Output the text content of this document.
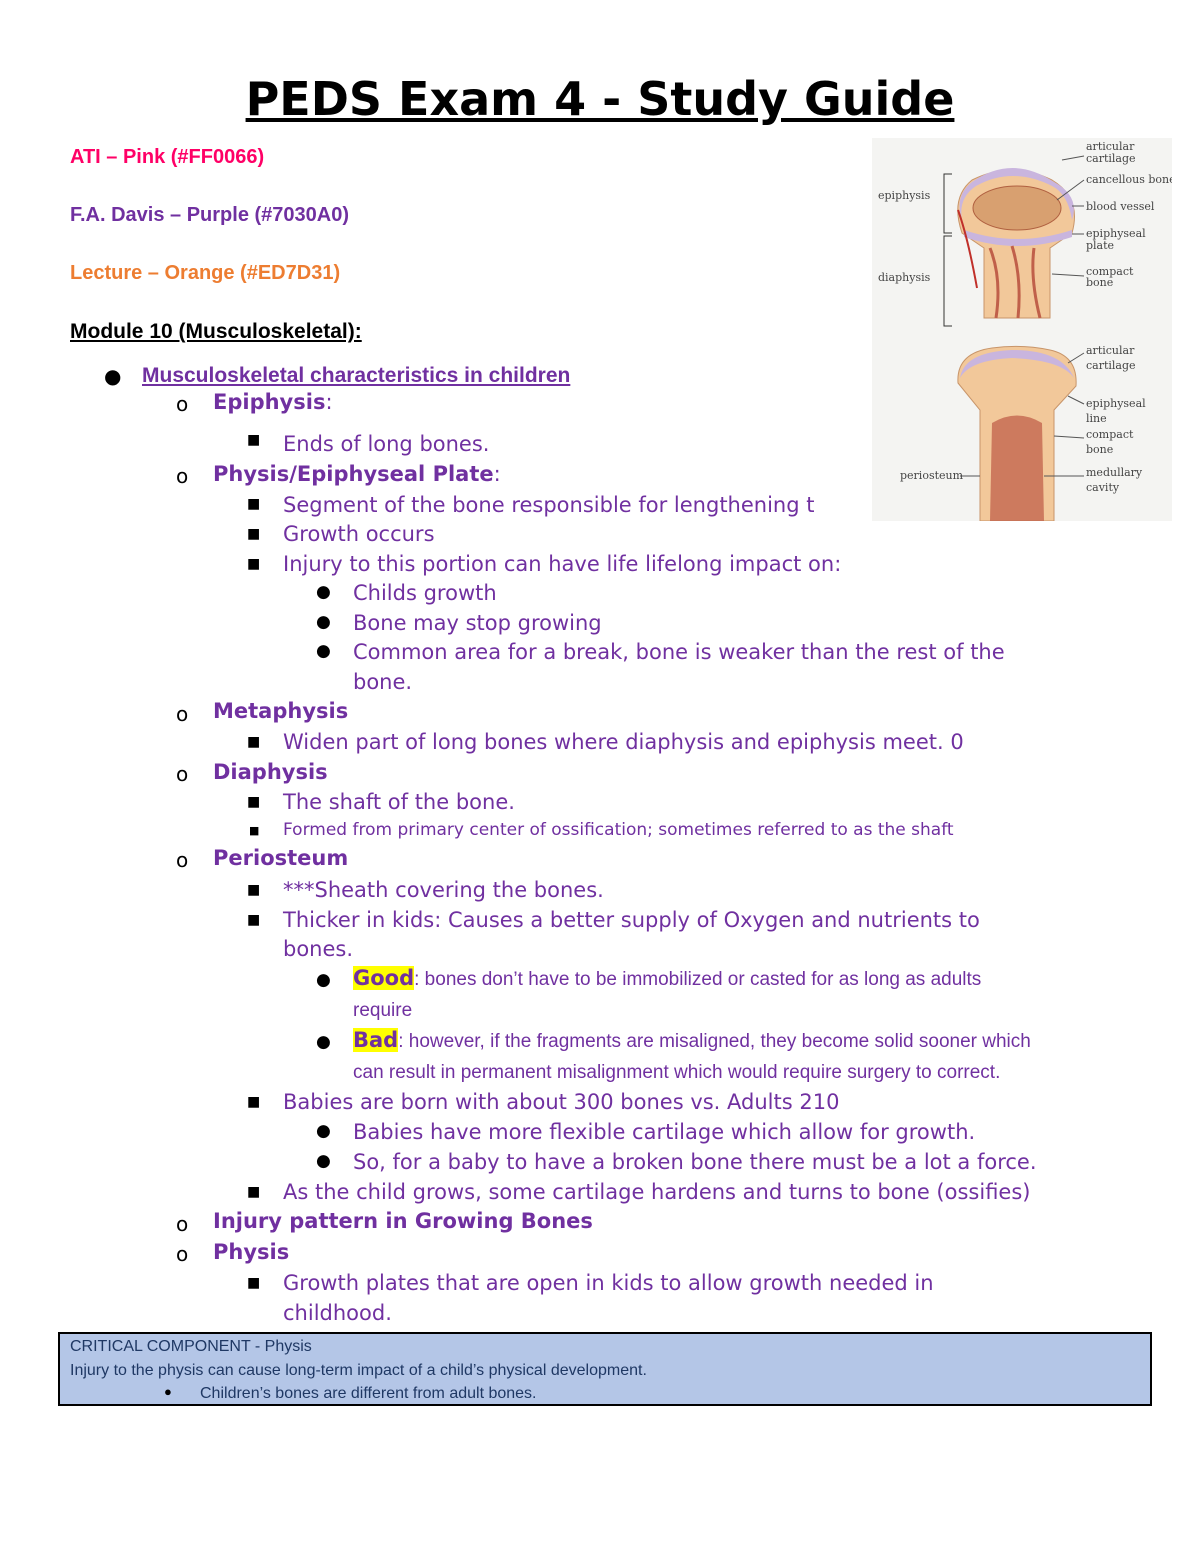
PEDS Exam 4 - Study Guide
ATI – Pink (#FF0066)
F.A. Davis – Purple (#7030A0)
Lecture – Orange (#ED7D31)
Module 10 (Musculoskeletal):
● Musculoskeletal characteristics in children
o Epiphysis:
■ Ends of long bones.
o Physis/Epiphyseal Plate:
■ Segment of the bone responsible for lengthening t
■ Growth occurs
■ Injury to this portion can have life lifelong impact on:
● Childs growth
● Bone may stop growing
● Common area for a break, bone is weaker than the rest of the
bone.
o Metaphysis
■ Widen part of long bones where diaphysis and epiphysis meet. 0
o Diaphysis
■ The shaft of the bone.
■ Formed from primary center of ossification; sometimes referred to as the shaft
o Periosteum
■ ***Sheath covering the bones.
■ Thicker in kids: Causes a better supply of Oxygen and nutrients to
bones.
● Good: bones don’t have to be immobilized or casted for as long as adults
require
● Bad: however, if the fragments are misaligned, they become solid sooner which
can result in permanent misalignment which would require surgery to correct.
■ Babies are born with about 300 bones vs. Adults 210
● Babies have more flexible cartilage which allow for growth.
● So, for a baby to have a broken bone there must be a lot a force.
■ As the child grows, some cartilage hardens and turns to bone (ossifies)
o Injury pattern in Growing Bones
o Physis
■ Growth plates that are open in kids to allow growth needed in
childhood.
epiphysis
diaphysis
periosteum
articular
cartilage
cancellous bone
blood vessel
epiphyseal
plate
compact
bone
articular
cartilage
epiphyseal
line
compact
bone
medullary
cavity
CRITICAL COMPONENT - Physis
Injury to the physis can cause long-term impact of a child’s physical development.
● Children’s bones are different from adult bones.
